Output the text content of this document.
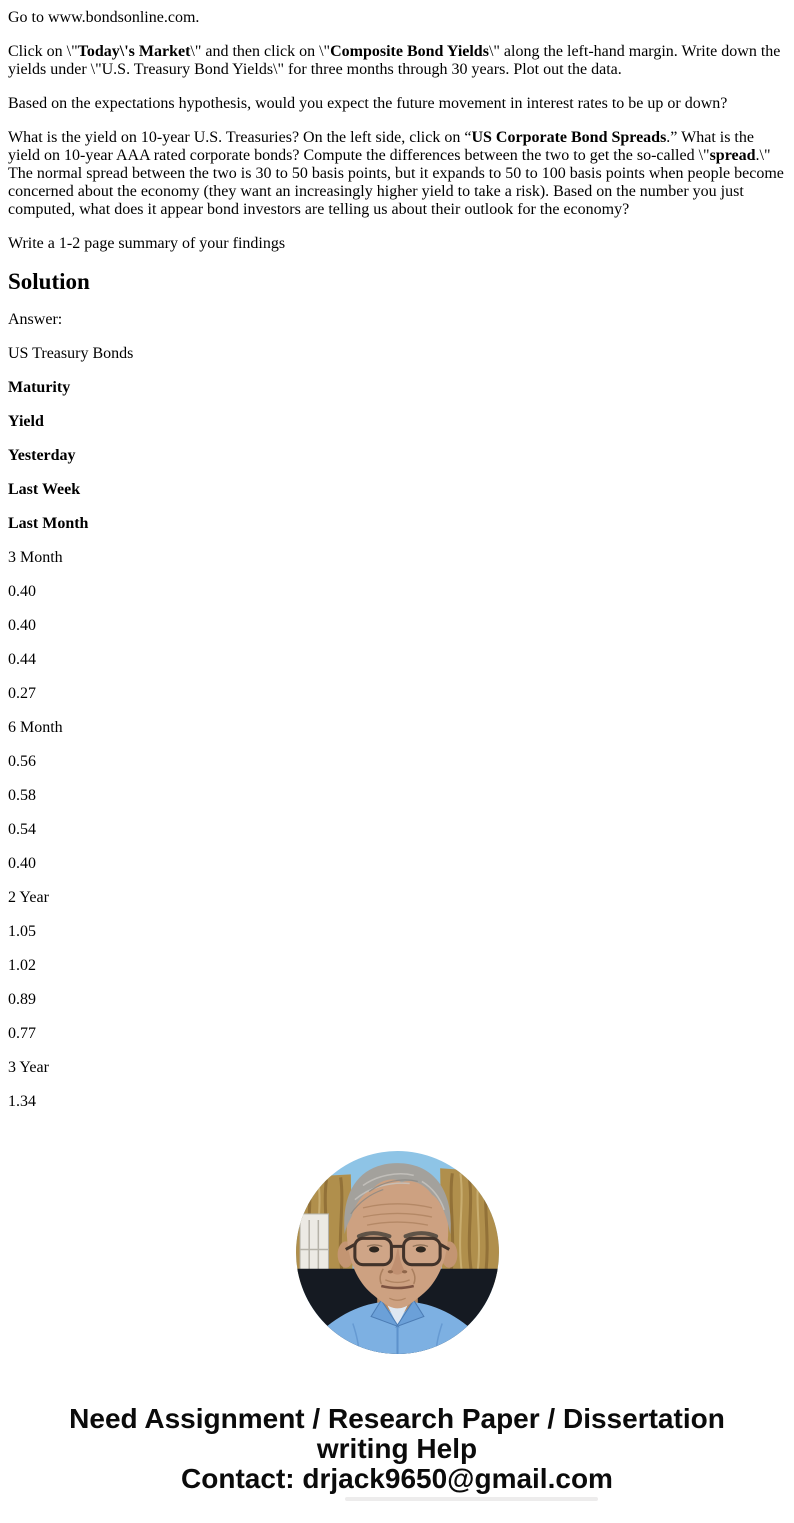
Go to www.bondsonline.com.

Click on \"Today\'s Market\" and then click on \"Composite Bond Yields\" along the left-hand margin. Write down the yields under \"U.S. Treasury Bond Yields\" for three months through 30 years. Plot out the data.

Based on the expectations hypothesis, would you expect the future movement in interest rates to be up or down?

What is the yield on 10-year U.S. Treasuries? On the left side, click on “US Corporate Bond Spreads.” What is the yield on 10-year AAA rated corporate bonds? Compute the differences between the two to get the so-called \"spread.\" The normal spread between the two is 30 to 50 basis points, but it expands to 50 to 100 basis points when people become concerned about the economy (they want an increasingly higher yield to take a risk). Based on the number you just computed, what does it appear bond investors are telling us about their outlook for the economy?

Write a 1-2 page summary of your findings

Solution

Answer:

US Treasury Bonds

Maturity

Yield

Yesterday

Last Week

Last Month

3 Month

0.40

0.40

0.44

0.27

6 Month

0.56

0.58

0.54

0.40

2 Year

1.05

1.02

0.89

0.77

3 Year

1.34

Need Assignment / Research Paper / Dissertation
writing Help
Contact: drjack9650@gmail.com
